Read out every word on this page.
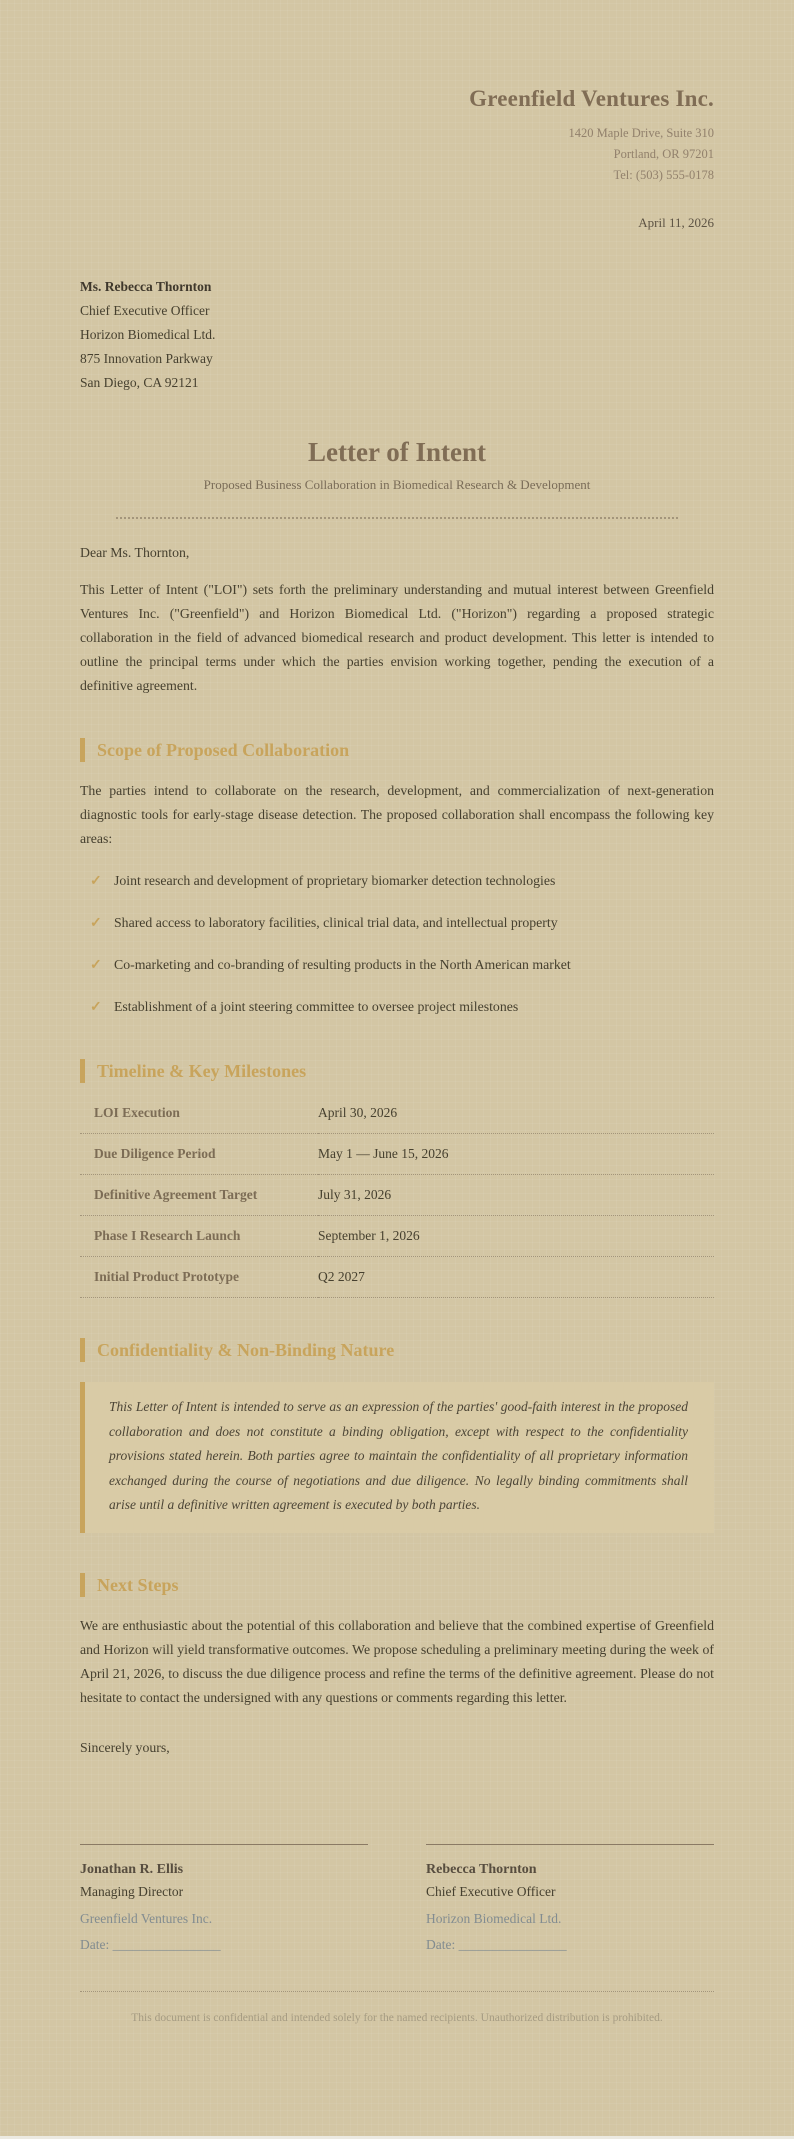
Greenfield Ventures Inc.
1420 Maple Drive, Suite 310
Portland, OR 97201
Tel: (503) 555-0178
April 11, 2026
Ms. Rebecca Thornton
Chief Executive Officer
Horizon Biomedical Ltd.
875 Innovation Parkway
San Diego, CA 92121
Letter of Intent
Proposed Business Collaboration in Biomedical Research & Development
Dear Ms. Thornton,

This Letter of Intent ("LOI") sets forth the preliminary understanding and mutual interest between Greenfield Ventures Inc. ("Greenfield") and Horizon Biomedical Ltd. ("Horizon") regarding a proposed strategic collaboration in the field of advanced biomedical research and product development. This letter is intended to outline the principal terms under which the parties envision working together, pending the execution of a definitive agreement.

Scope of Proposed Collaboration

The parties intend to collaborate on the research, development, and commercialization of next-generation diagnostic tools for early-stage disease detection. The proposed collaboration shall encompass the following key areas:

✓ Joint research and development of proprietary biomarker detection technologies
✓ Shared access to laboratory facilities, clinical trial data, and intellectual property
✓ Co-marketing and co-branding of resulting products in the North American market
✓ Establishment of a joint steering committee to oversee project milestones
Timeline & Key Milestones
LOI Execution	April 30, 2026
Due Diligence Period	May 1 — June 15, 2026
Definitive Agreement Target	July 31, 2026
Phase I Research Launch	September 1, 2026
Initial Product Prototype	Q2 2027
Confidentiality & Non-Binding Nature
This Letter of Intent is intended to serve as an expression of the parties' good-faith interest in the proposed collaboration and does not constitute a binding obligation, except with respect to the confidentiality provisions stated herein. Both parties agree to maintain the confidentiality of all proprietary information exchanged during the course of negotiations and due diligence. No legally binding commitments shall arise until a definitive written agreement is executed by both parties.
Next Steps

We are enthusiastic about the potential of this collaboration and believe that the combined expertise of Greenfield and Horizon will yield transformative outcomes. We propose scheduling a preliminary meeting during the week of April 21, 2026, to discuss the due diligence process and refine the terms of the definitive agreement. Please do not hesitate to contact the undersigned with any questions or comments regarding this letter.

Sincerely yours,
Jonathan R. Ellis
Managing Director
Greenfield Ventures Inc.
Date: ________________
Rebecca Thornton
Chief Executive Officer
Horizon Biomedical Ltd.
Date: ________________
This document is confidential and intended solely for the named recipients. Unauthorized distribution is prohibited.
